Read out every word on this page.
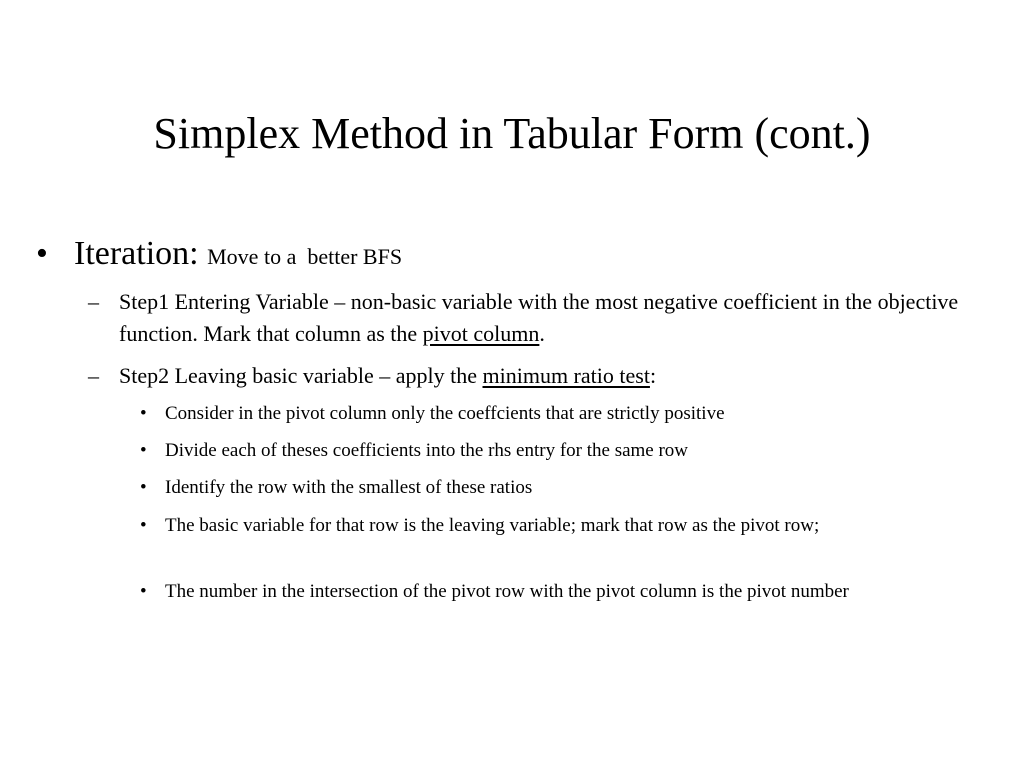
Simplex Method in Tabular Form (cont.)
• Iteration: Move to a  better BFS
– Step1 Entering Variable – non-basic variable with the most negative coefficient in the objective function. Mark that column as the pivot column.
– Step2 Leaving basic variable – apply the minimum ratio test:
• Consider in the pivot column only the coeffcients that are strictly positive
• Divide each of theses coefficients into the rhs entry for the same row
• Identify the row with the smallest of these ratios
• The basic variable for that row is the leaving variable; mark that row as the pivot row;
• The number in the intersection of the pivot row with the pivot column is the pivot number
